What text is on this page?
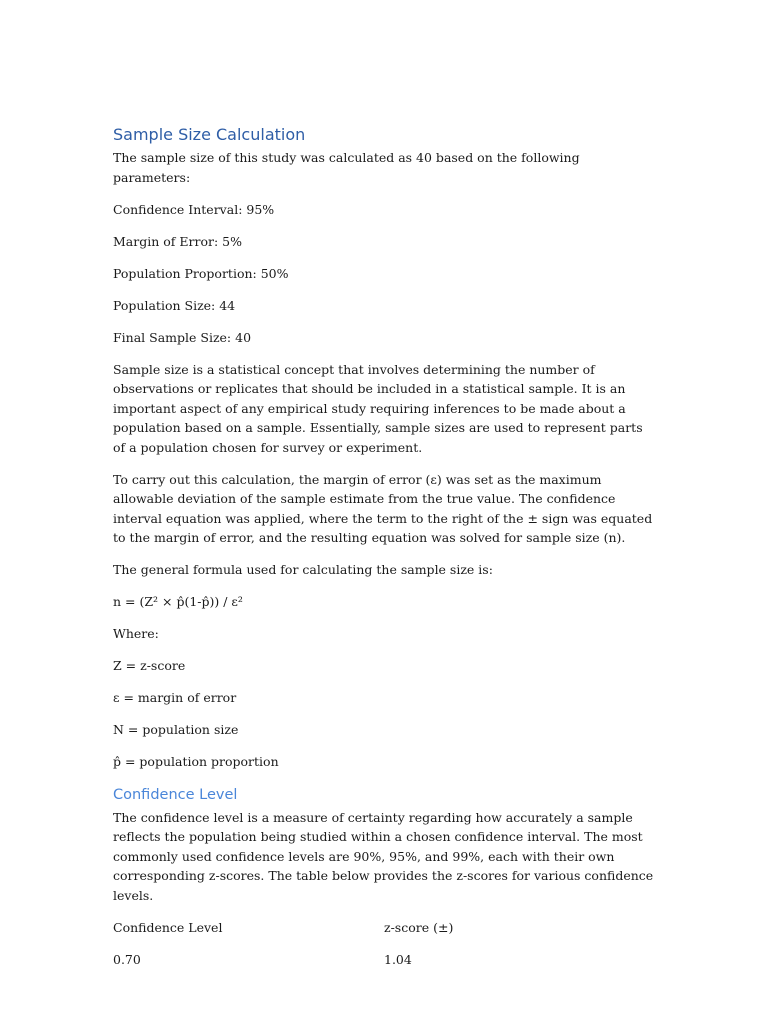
Sample Size Calculation

The sample size of this study was calculated as 40 based on the following parameters:

Confidence Interval: 95%

Margin of Error: 5%

Population Proportion: 50%

Population Size: 44

Final Sample Size: 40

Sample size is a statistical concept that involves determining the number of observations or replicates that should be included in a statistical sample. It is an important aspect of any empirical study requiring inferences to be made about a population based on a sample. Essentially, sample sizes are used to represent parts of a population chosen for survey or experiment.

To carry out this calculation, the margin of error (ε) was set as the maximum allowable deviation of the sample estimate from the true value. The confidence interval equation was applied, where the term to the right of the ± sign was equated to the margin of error, and the resulting equation was solved for sample size (n).

The general formula used for calculating the sample size is:

n = (Z² × p̂(1-p̂)) / ε²

Where:

Z = z-score

ε = margin of error

N = population size

p̂ = population proportion

Confidence Level

The confidence level is a measure of certainty regarding how accurately a sample reflects the population being studied within a chosen confidence interval. The most commonly used confidence levels are 90%, 95%, and 99%, each with their own corresponding z-scores. The table below provides the z-scores for various confidence levels.

Confidence Level	z-score (±)
0.70	1.04
